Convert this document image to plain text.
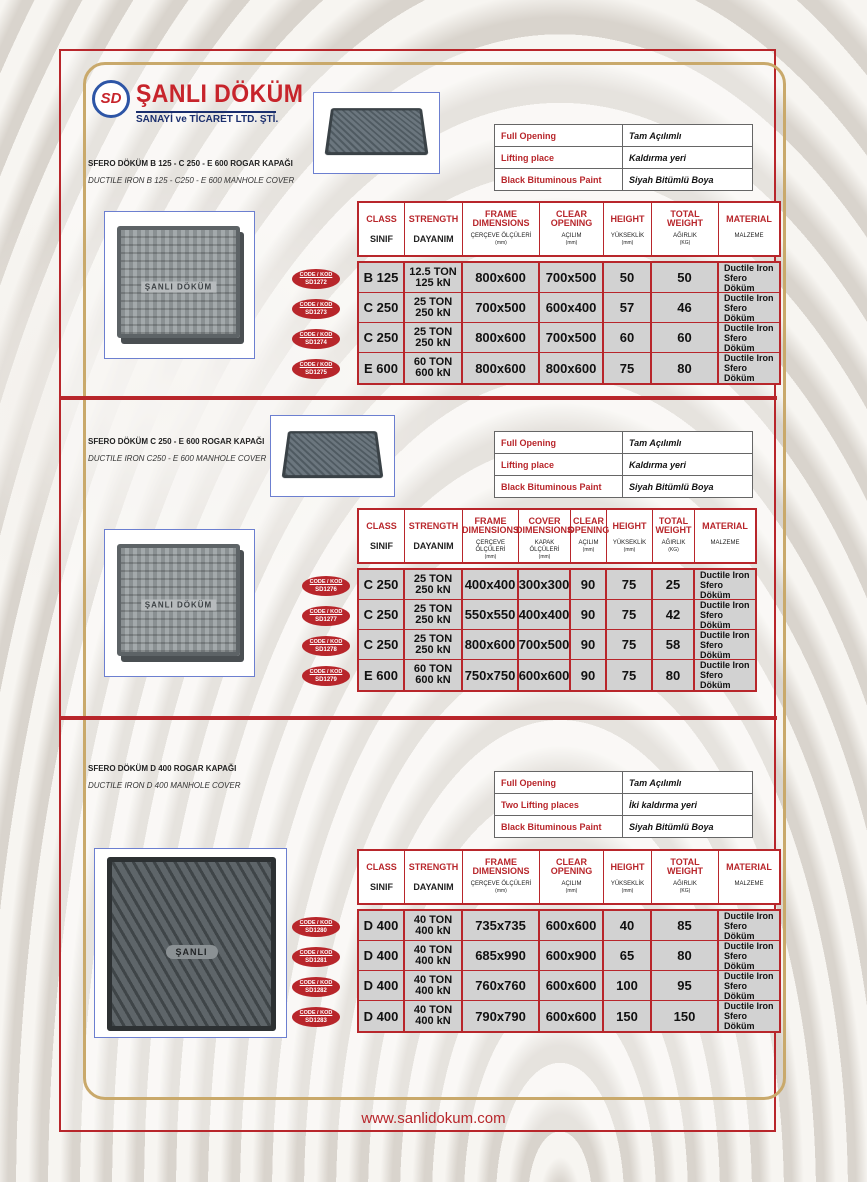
SD ŞANLI DÖKÜM
SANAYİ ve TİCARET LTD. ŞTİ.
SFERO DÖKÜM B 125 - C 250 - E 600 ROGAR KAPAĞI
DUCTILE IRON B 125 - C250 - E 600 MANHOLE COVER
ŞANLI DÖKÜM
Full Opening	Tam Açılımlı
Lifting place	Kaldırma yeri
Black Bituminous Paint	Siyah Bitümlü Boya
CLASS
SINIF
STRENGTH
DAYANIM
FRAME DIMENSIONS
ÇERÇEVE ÖLÇÜLERİ
(mm)
CLEAR OPENING
AÇILIM
(mm)
HEIGHT
YÜKSEKLİK
(mm)
TOTAL WEIGHT
AĞIRLIK
(KG)
MATERIAL
MALZEME
CODE / KOD
SD1272
CODE / KOD
SD1273
CODE / KOD
SD1274
CODE / KOD
SD1275
B 125 12.5 TON 125 kN	800x600	700x500	50	50
Ductile Iron Sfero Döküm
C 250	25 TON 250 kN	700x500	600x400	57	46
Ductile Iron Sfero Döküm
C 250	25 TON 250 kN	800x600	700x500	60	60
Ductile Iron Sfero Döküm
E 600	60 TON 600 kN	800x600	800x600	75	80
Ductile Iron Sfero Döküm
SFERO DÖKÜM C 250 - E 600 ROGAR KAPAĞI
DUCTILE IRON C250 - E 600 MANHOLE COVER
ŞANLI DÖKÜM
Full Opening	Tam Açılımlı
Lifting place	Kaldırma yeri
Black Bituminous Paint	Siyah Bitümlü Boya
CLASS
SINIF
STRENGTH
DAYANIM
FRAME DIMENSIONS
ÇERÇEVE ÖLÇÜLERİ
(mm)
COVER DIMENSIONS
KAPAK ÖLÇÜLERİ
(mm)
CLEAR OPENING
AÇILIM
(mm)
HEIGHT
YÜKSEKLİK
(mm)
TOTAL WEIGHT
AĞIRLIK
(KG)
MATERIAL
MALZEME
CODE / KOD
SD1276
CODE / KOD
SD1277
CODE / KOD
SD1278
CODE / KOD
SD1279
C 250	25 TON 250 kN	400x400 300x300 90	75	25
Ductile Iron Sfero Döküm
C 250	25 TON 250 kN	550x550 400x400 90	75	42
Ductile Iron Sfero Döküm
C 250	25 TON 250 kN	800x600 700x500 90	75	58
Ductile Iron Sfero Döküm
E 600	60 TON 600 kN	750x750 600x600 90	75	80
Ductile Iron Sfero Döküm
SFERO DÖKÜM D 400 ROGAR KAPAĞI
DUCTILE IRON D 400 MANHOLE COVER
ŞANLI
Full Opening	Tam Açılımlı
Two Lifting places	İki kaldırma yeri
Black Bituminous Paint	Siyah Bitümlü Boya
CLASS
SINIF
STRENGTH
DAYANIM
FRAME DIMENSIONS
ÇERÇEVE ÖLÇÜLERİ
(mm)
CLEAR OPENING
AÇILIM
(mm)
HEIGHT
YÜKSEKLİK
(mm)
TOTAL WEIGHT
AĞIRLIK
(KG)
MATERIAL
MALZEME
CODE / KOD
SD1280
CODE / KOD
SD1281
CODE / KOD
SD1282
CODE / KOD
SD1283
D 400	40 TON 400 kN	735x735	600x600	40	85
Ductile Iron Sfero Döküm
D 400	40 TON 400 kN	685x990	600x900	65	80
Ductile Iron Sfero Döküm
D 400	40 TON 400 kN	760x760	600x600	100	95
Ductile Iron Sfero Döküm
D 400	40 TON 400 kN	790x790	600x600	150	150
Ductile Iron Sfero Döküm
www.sanlidokum.com
